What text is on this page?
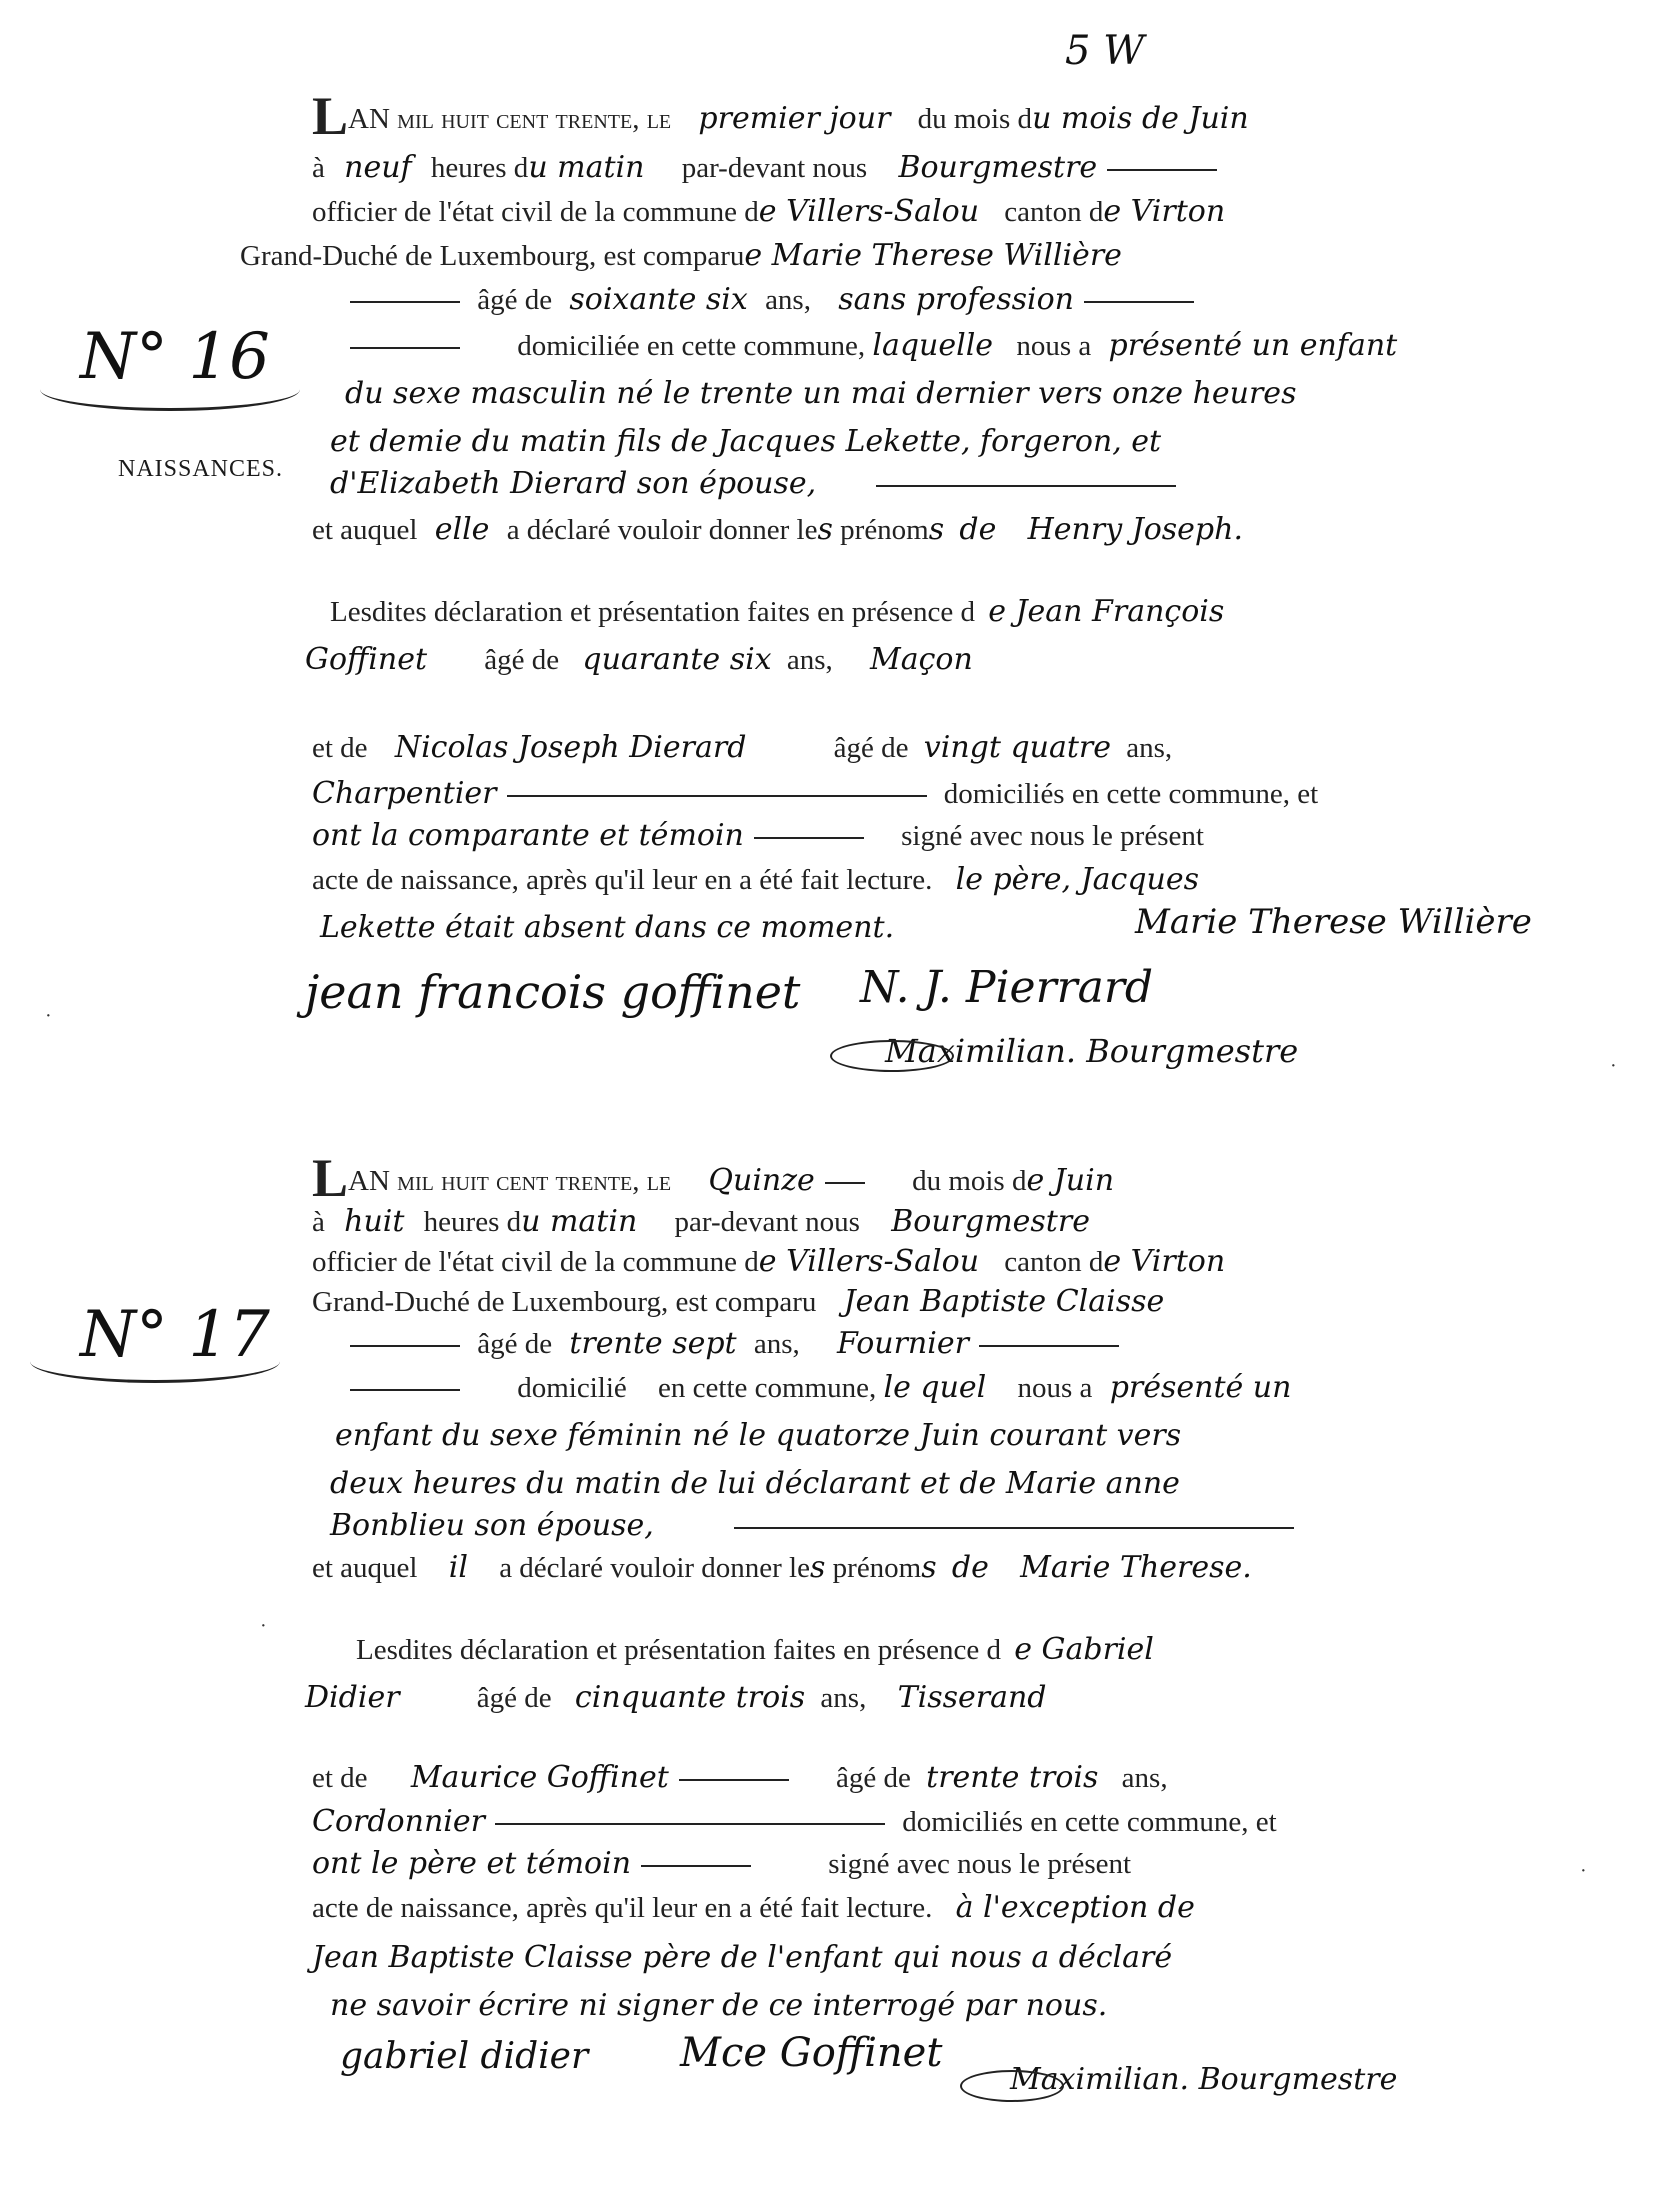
5 W
N° 16
NAISSANCES.
LAN mil huit cent trente, le premier jour du mois du mois de Juin
à neuf heures du matin par-devant nous Bourgmestre
officier de l'état civil de la commune de Villers-Salou canton de Virton
Grand-Duché de Luxembourg, est comparue Marie Therese Willière
âgé de soixante six ans, sans profession
domiciliée en cette commune, laquelle nous a présenté un enfant
du sexe masculin né le trente un mai dernier vers onze heures
et demie du matin fils de Jacques Lekette, forgeron, et
d'Elizabeth Dierard son épouse,
et auquel elle a déclaré vouloir donner les prénoms de Henry Joseph.
Lesdites déclaration et présentation faites en présence d e Jean François
Goffinet âgé de quarante six ans, Maçon
et de Nicolas Joseph Dierard	âgé de vingt quatre ans,
Charpentier	domiciliés en cette commune, et
ont la comparante et témoin	signé avec nous le présent
acte de naissance, après qu'il leur en a été fait lecture. le père, Jacques
Lekette était absent dans ce moment.	Marie Therese Willière
jean francois goffinet N. J. Pierrard
Maximilian. Bourgmestre
N° 17
LAN mil huit cent trente, le Quinze	du mois de Juin
à huit heures du matin par-devant nous Bourgmestre
officier de l'état civil de la commune de Villers-Salou canton de Virton
Grand-Duché de Luxembourg, est comparu Jean Baptiste Claisse
âgé de trente sept ans, Fournier
domicilié en cette commune, le quel nous a présenté un
enfant du sexe féminin né le quatorze Juin courant vers
deux heures du matin de lui déclarant et de Marie anne
Bonblieu son épouse,
et auquel il a déclaré vouloir donner les prénoms de Marie Therese.
Lesdites déclaration et présentation faites en présence d e Gabriel
Didier	âgé de cinquante trois ans, Tisserand
et de Maurice Goffinet	âgé de trente trois ans,
Cordonnier	domiciliés en cette commune, et
ont le père et témoin	signé avec nous le présent
acte de naissance, après qu'il leur en a été fait lecture. à l'exception de
Jean Baptiste Claisse père de l'enfant qui nous a déclaré
ne savoir écrire ni signer de ce interrogé par nous.
gabriel didier Mce Goffinet
Maximilian. Bourgmestre
·
·
·
·
